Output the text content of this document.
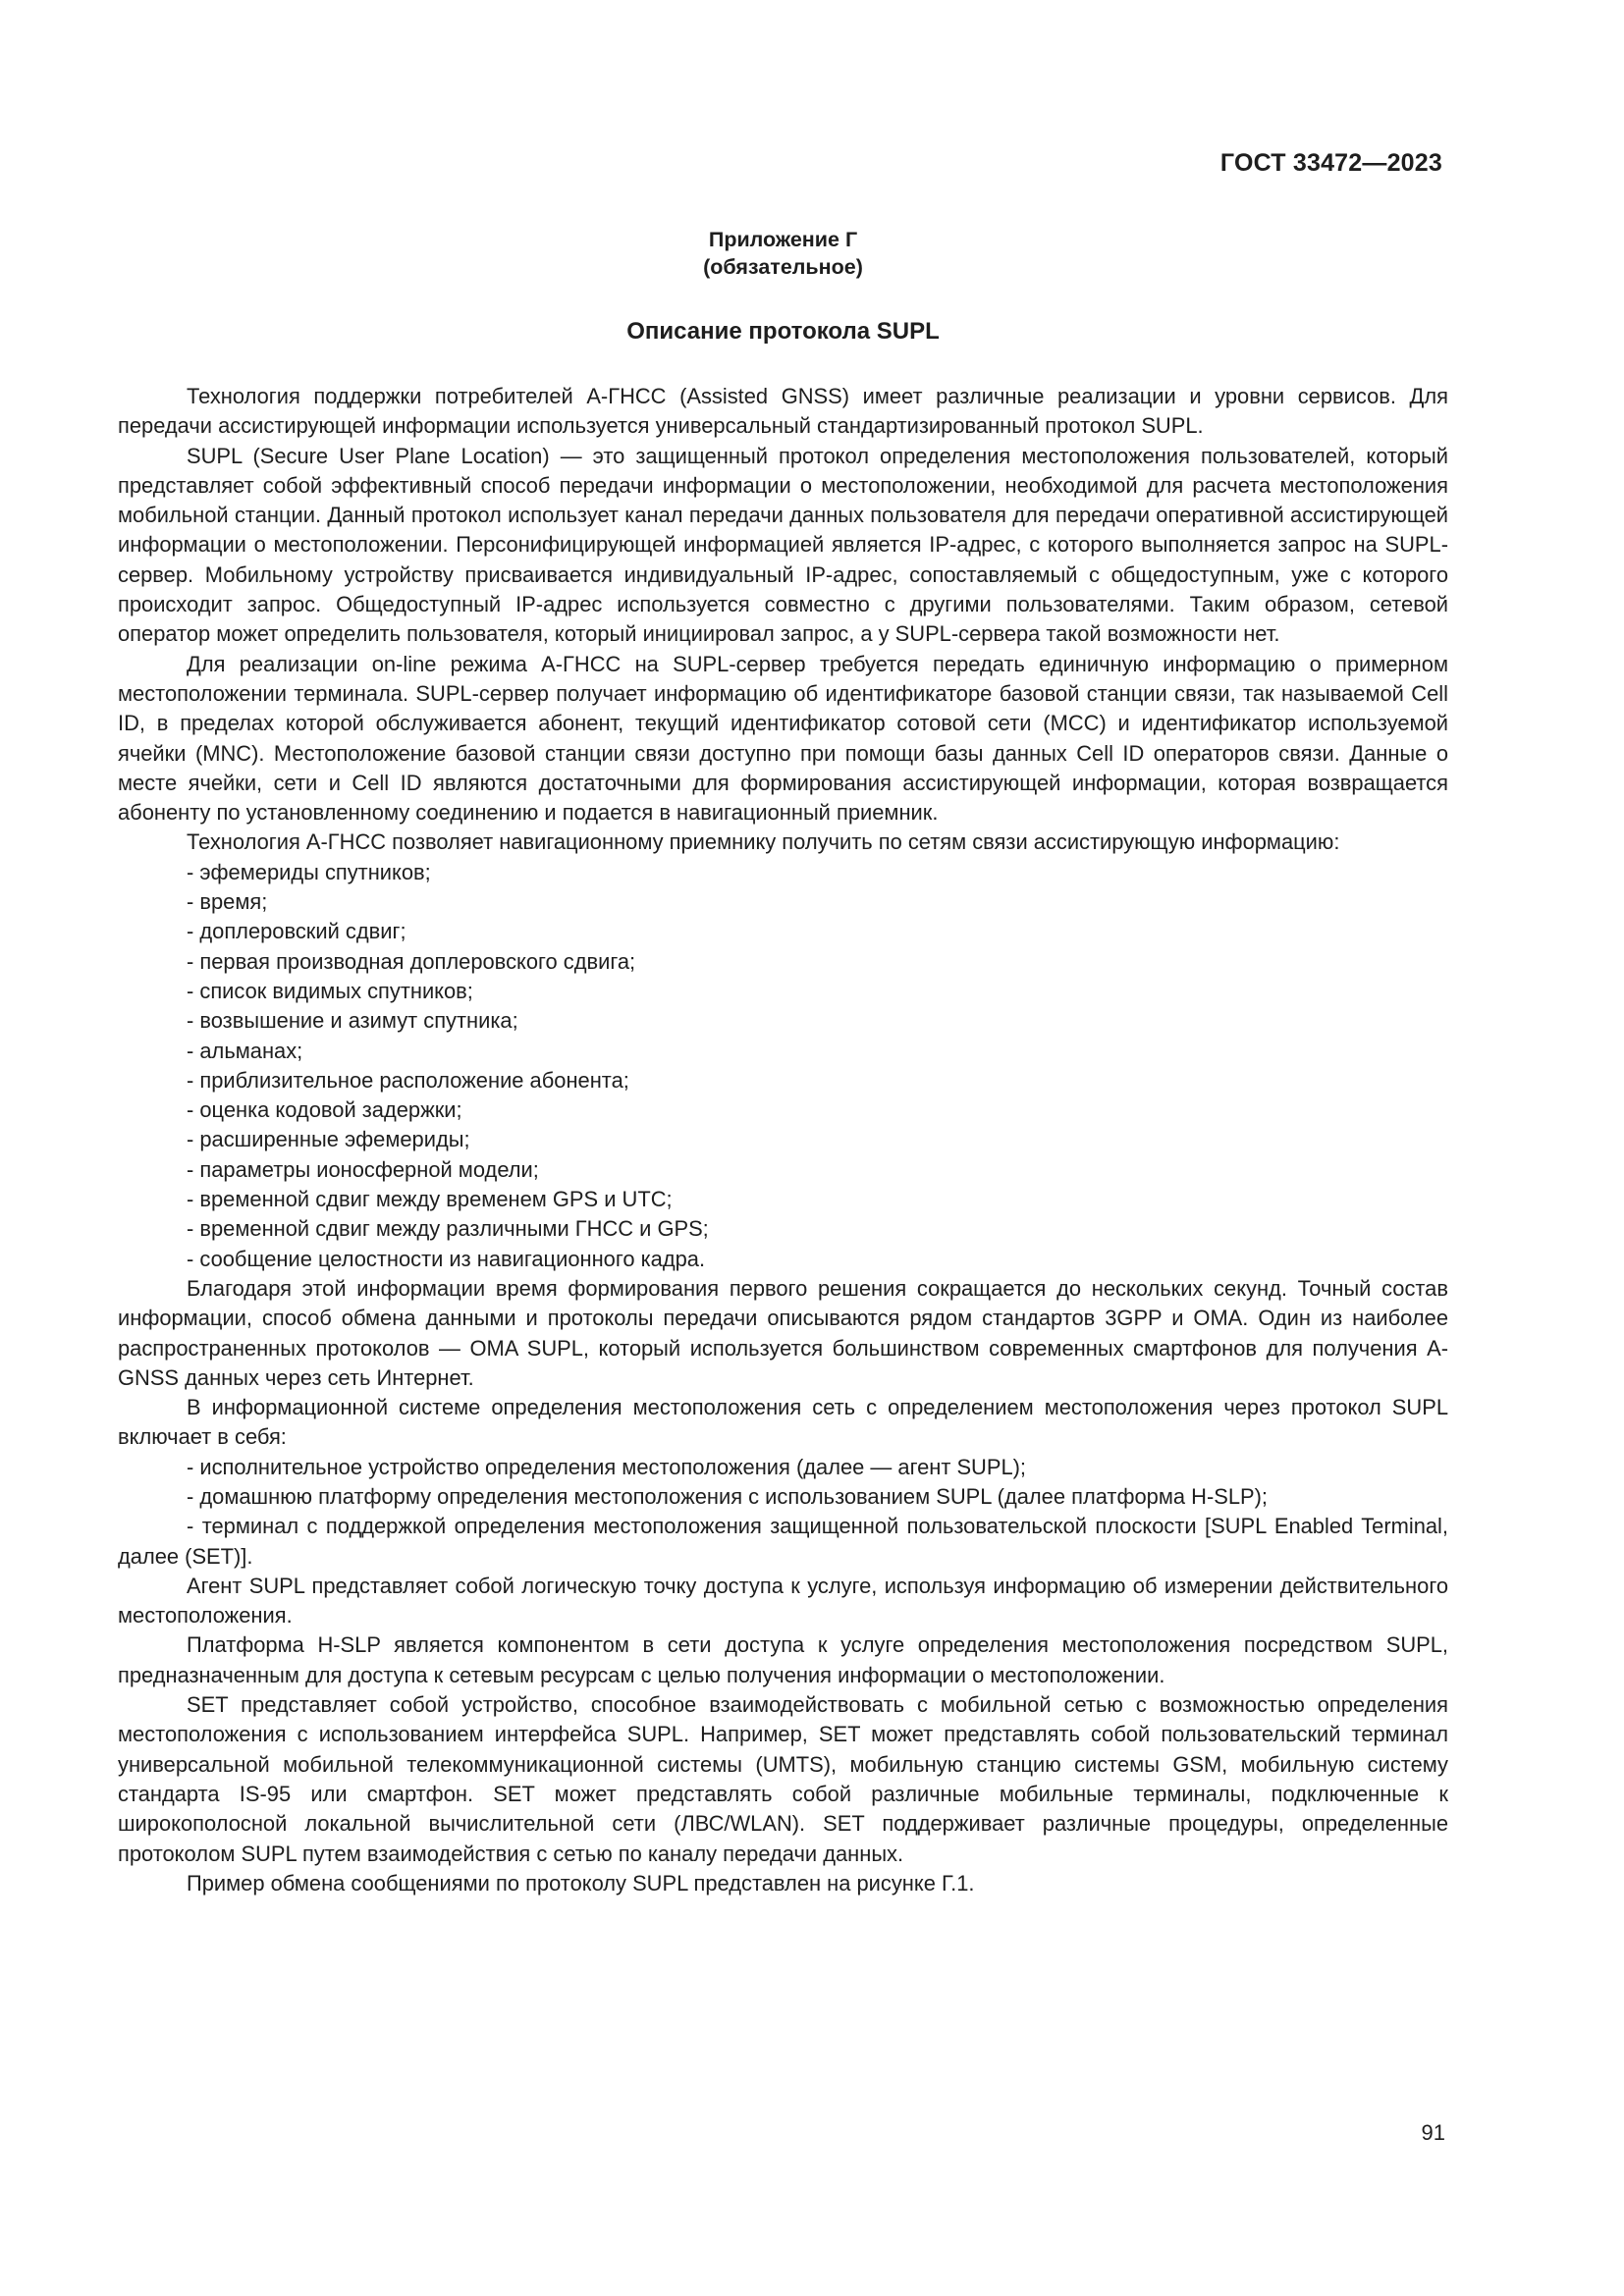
ГОСТ 33472—2023
Приложение Г
(обязательное)
Описание протокола SUPL

Технология поддержки потребителей А-ГНСС (Assisted GNSS) имеет различные реализации и уровни сервисов. Для передачи ассистирующей информации используется универсальный стандартизированный протокол SUPL.

SUPL (Secure User Plane Location) — это защищенный протокол определения местоположения пользователей, который представляет собой эффективный способ передачи информации о местоположении, необходимой для расчета местоположения мобильной станции. Данный протокол использует канал передачи данных пользователя для передачи оперативной ассистирующей информации о местоположении. Персонифицирующей информацией является IP-адрес, с которого выполняется запрос на SUPL-сервер. Мобильному устройству присваивается индивидуальный IP-адрес, сопоставляемый с общедоступным, уже с которого происходит запрос. Общедоступный IP-адрес используется совместно с другими пользователями. Таким образом, сетевой оператор может определить пользователя, который инициировал запрос, а у SUPL-сервера такой возможности нет.

Для реализации on-line режима А-ГНСС на SUPL-сервер требуется передать единичную информацию о примерном местоположении терминала. SUPL-сервер получает информацию об идентификаторе базовой станции связи, так называемой Cell ID, в пределах которой обслуживается абонент, текущий идентификатор сотовой сети (MCC) и идентификатор используемой ячейки (MNC). Местоположение базовой станции связи доступно при помощи базы данных Cell ID операторов связи. Данные о месте ячейки, сети и Cell ID являются достаточными для формирования ассистирующей информации, которая возвращается абоненту по установленному соединению и подается в навигационный приемник.

Технология А-ГНСС позволяет навигационному приемнику получить по сетям связи ассистирующую информацию:

- эфемериды спутников;

- время;

- доплеровский сдвиг;

- первая производная доплеровского сдвига;

- список видимых спутников;

- возвышение и азимут спутника;

- альманах;

- приблизительное расположение абонента;

- оценка кодовой задержки;

- расширенные эфемериды;

- параметры ионосферной модели;

- временной сдвиг между временем GPS и UTC;

- временной сдвиг между различными ГНСС и GPS;

- сообщение целостности из навигационного кадра.

Благодаря этой информации время формирования первого решения сокращается до нескольких секунд. Точный состав информации, способ обмена данными и протоколы передачи описываются рядом стандартов 3GPP и OMA. Один из наиболее распространенных протоколов — OMA SUPL, который используется большинством современных смартфонов для получения A-GNSS данных через сеть Интернет.

В информационной системе определения местоположения сеть с определением местоположения через протокол SUPL включает в себя:

- исполнительное устройство определения местоположения (далее — агент SUPL);

- домашнюю платформу определения местоположения с использованием SUPL (далее платформа H-SLP);

- терминал с поддержкой определения местоположения защищенной пользовательской плоскости [SUPL Enabled Terminal, далее (SET)].

Агент SUPL представляет собой логическую точку доступа к услуге, используя информацию об измерении действительного местоположения.

Платформа H-SLP является компонентом в сети доступа к услуге определения местоположения посредством SUPL, предназначенным для доступа к сетевым ресурсам с целью получения информации о местоположении.

SET представляет собой устройство, способное взаимодействовать с мобильной сетью с возможностью определения местоположения с использованием интерфейса SUPL. Например, SET может представлять собой пользовательский терминал универсальной мобильной телекоммуникационной системы (UMTS), мобильную станцию системы GSM, мобильную систему стандарта IS-95 или смартфон. SET может представлять собой различные мобильные терминалы, подключенные к широкополосной локальной вычислительной сети (ЛВС/WLAN). SET поддерживает различные процедуры, определенные протоколом SUPL путем взаимодействия с сетью по каналу передачи данных.

Пример обмена сообщениями по протоколу SUPL представлен на рисунке Г.1.

91
